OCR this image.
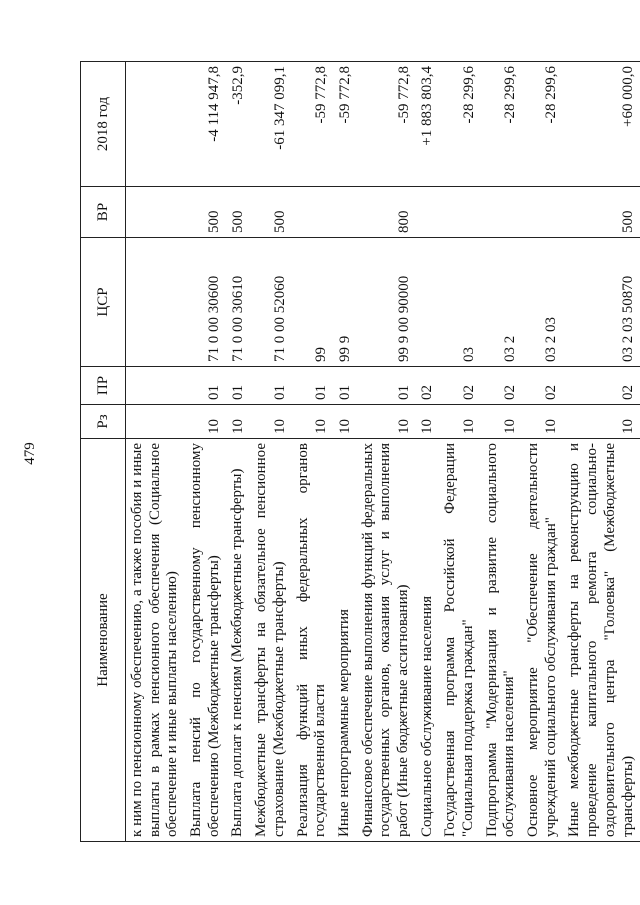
479
Наименование	Рз	ПР	ЦСР	ВР	2018 год
к ним по пенсионному обеспечению, а также пособия и иные выплаты в рамках пенсионного обеспечения (Социальное обеспечение и иные выплаты населению)					
Выплата пенсий по государственному пенсионному обеспечению (Межбюджетные трансферты)	10	01	71 0 00 30600	500	-4 114 947,8
Выплата доплат к пенсиям (Межбюджетные трансферты)	10	01	71 0 00 30610	500	-352,9
Межбюджетные трансферты на обязательное пенсионное страхование (Межбюджетные трансферты)	10	01	71 0 00 52060	500	-61 347 099,1
Реализация функций иных федеральных органов государственной власти	10	01	99		-59 772,8
Иные непрограммные мероприятия	10	01	99 9		-59 772,8
Финансовое обеспечение выполнения функций федеральных государственных органов, оказания услуг и выполнения работ (Иные бюджетные ассигнования)	10	01	99 9 00 90000	800	-59 772,8
Социальное обслуживание населения	10	02			+1 883 803,4
Государственная программа Российской Федерации "Социальная поддержка граждан"	10	02	03		-28 299,6
Подпрограмма "Модернизация и развитие социального обслуживания населения"	10	02	03 2		-28 299,6
Основное мероприятие "Обеспечение деятельности учреждений социального обслуживания граждан"	10	02	03 2 03		-28 299,6
Иные межбюджетные трансферты на реконструкцию и проведение капитального ремонта социально-оздоровительного центра "Голоевка" (Межбюджетные трансферты)	10	02	03 2 03 50870	500	+60 000,0
